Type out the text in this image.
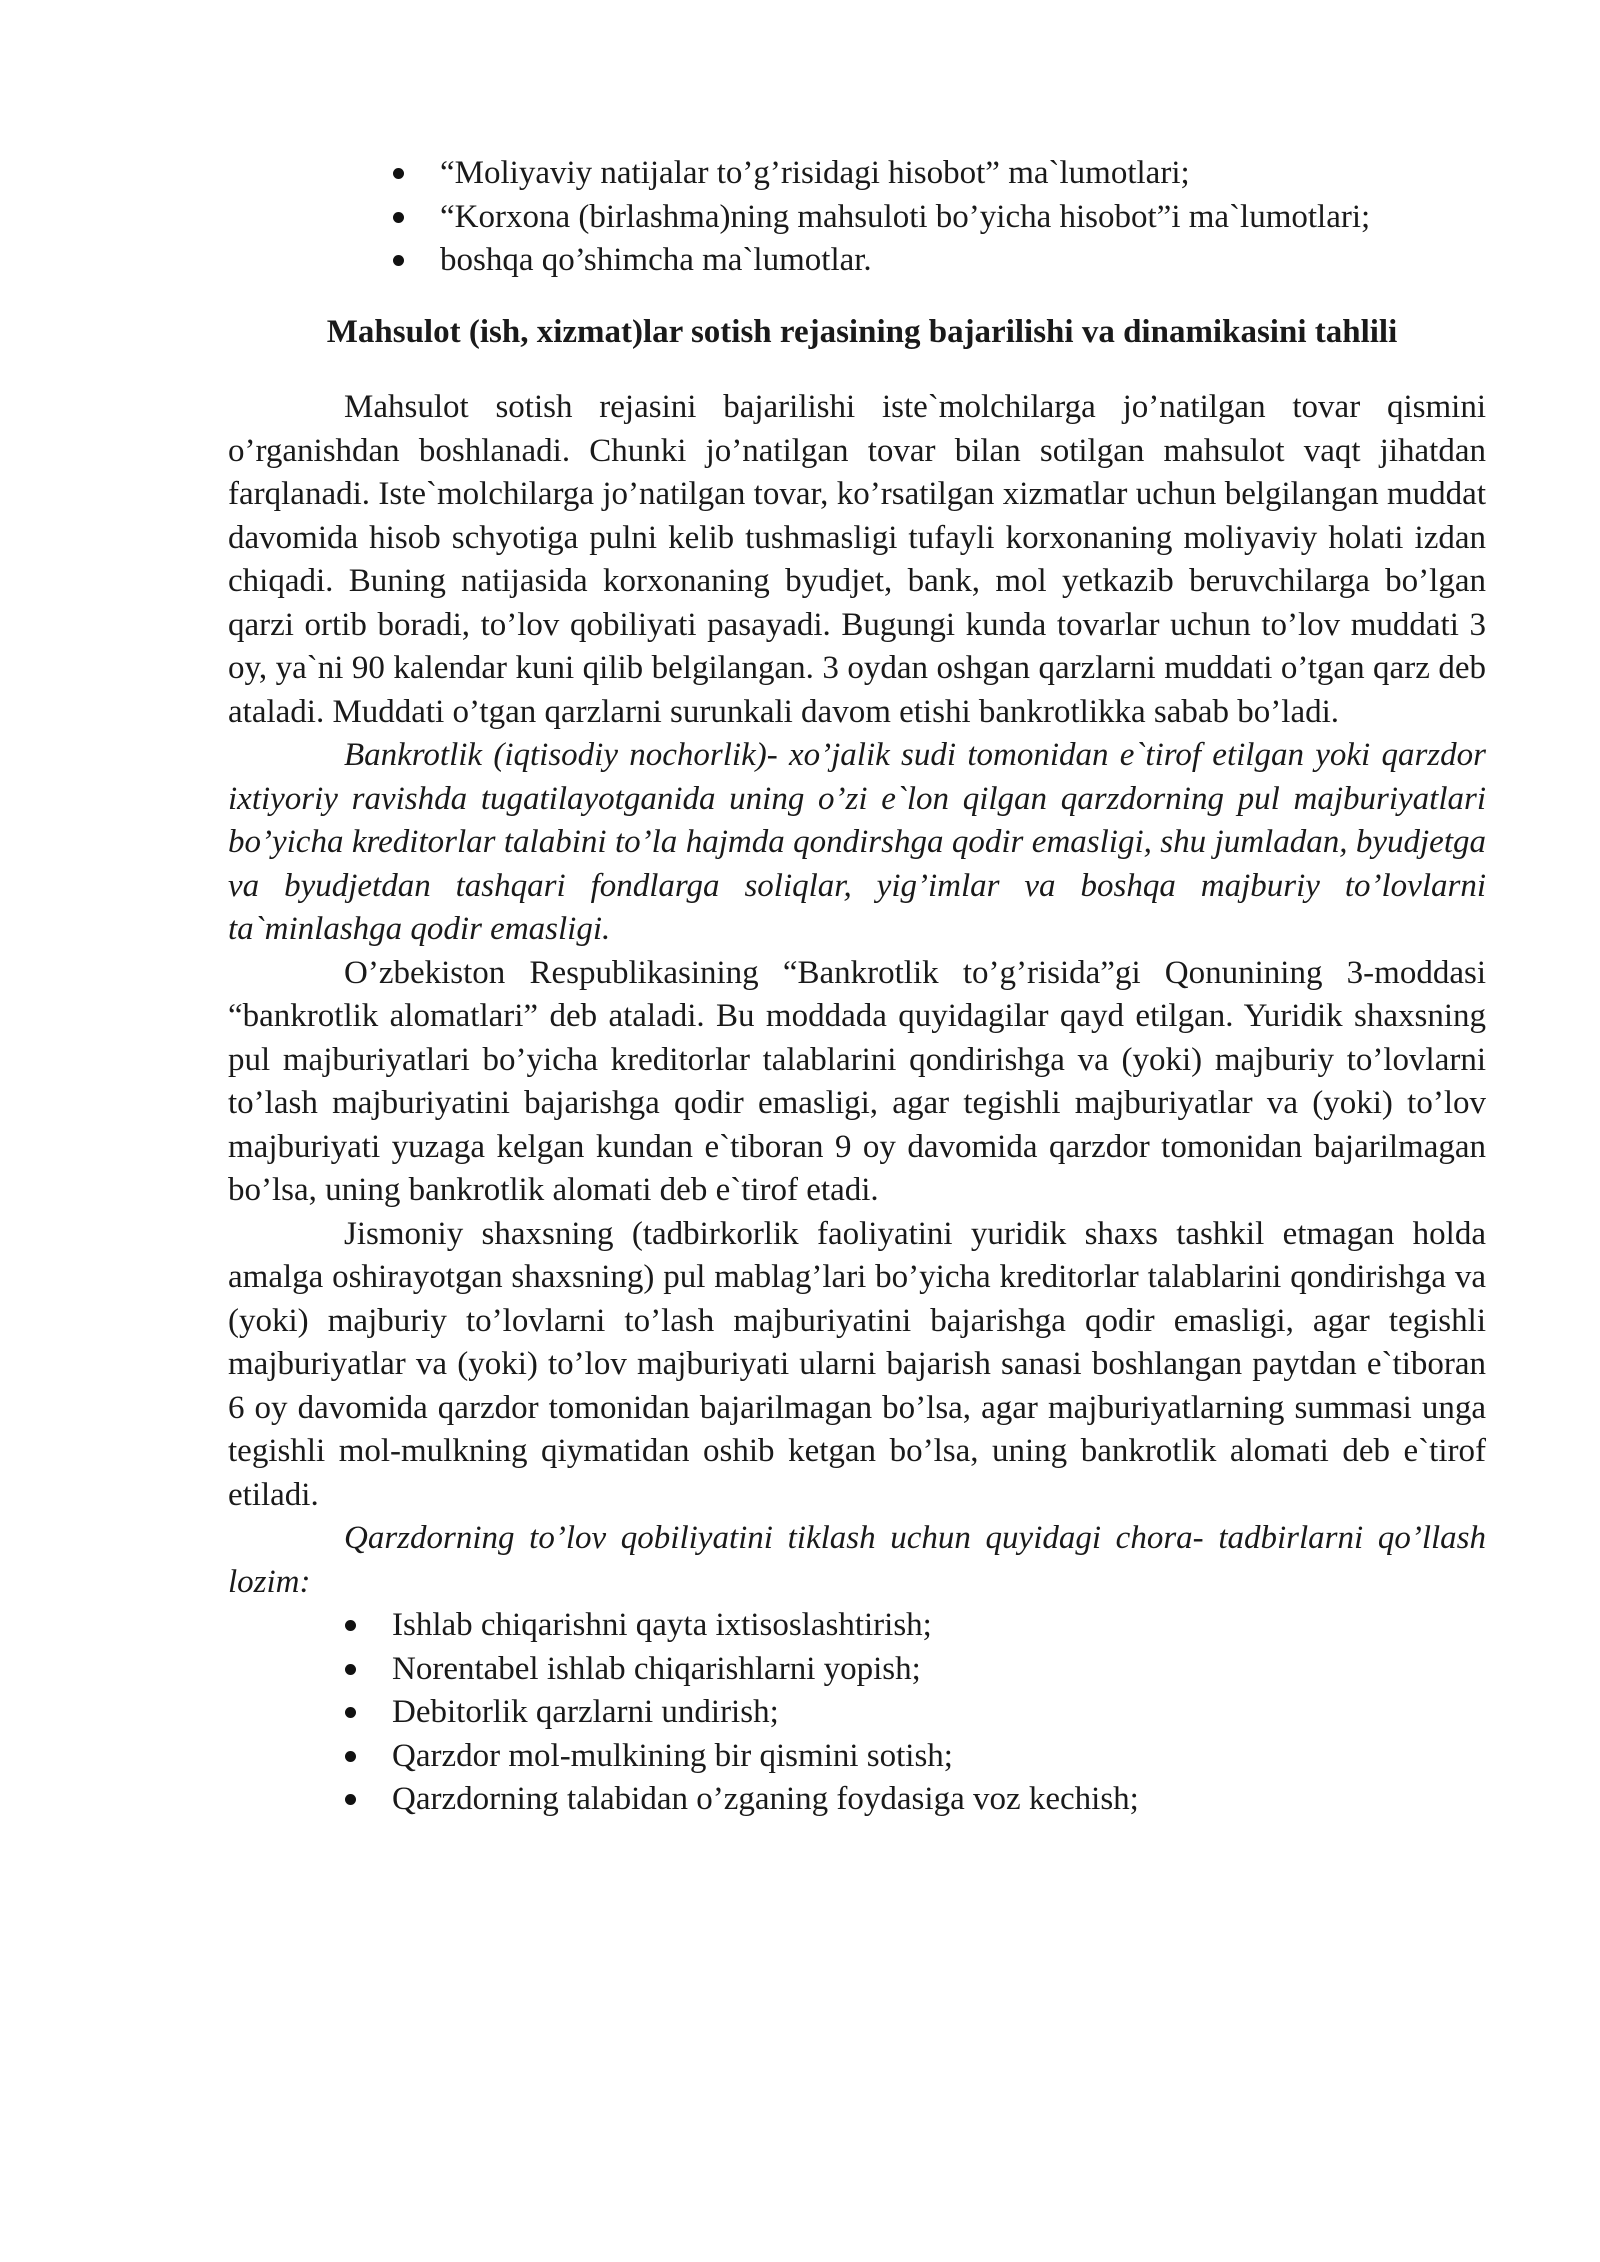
“Moliyaviy natijalar to’g’risidagi hisobot” ma`lumotlari;
“Korxona (birlashma)ning mahsuloti bo’yicha hisobot”i ma`lumotlari;
boshqa qo’shimcha ma`lumotlar.
Mahsulot (ish, xizmat)lar sotish rejasining bajarilishi va dinamikasini tahlili

Mahsulot sotish rejasini bajarilishi iste`molchilarga jo’natilgan tovar qismini o’rganishdan boshlanadi. Chunki jo’natilgan tovar bilan sotilgan mahsulot vaqt jihatdan farqlanadi. Iste`molchilarga jo’natilgan tovar, ko’rsatilgan xizmatlar uchun belgilangan muddat davomida hisob schyotiga pulni kelib tushmasligi tufayli korxonaning moliyaviy holati izdan chiqadi. Buning natijasida korxonaning byudjet, bank, mol yetkazib beruvchilarga bo’lgan qarzi ortib boradi, to’lov qobiliyati pasayadi. Bugungi kunda tovarlar uchun to’lov muddati 3 oy, ya`ni 90 kalendar kuni qilib belgilangan. 3 oydan oshgan qarzlarni muddati o’tgan qarz deb ataladi. Muddati o’tgan qarzlarni surunkali davom etishi bankrotlikka sabab bo’ladi.

Bankrotlik (iqtisodiy nochorlik)- xo’jalik sudi tomonidan e`tirof etilgan yoki qarzdor ixtiyoriy ravishda tugatilayotganida uning o’zi e`lon qilgan qarzdorning pul majburiyatlari bo’yicha kreditorlar talabini to’la hajmda qondirshga qodir emasligi, shu jumladan, byudjetga va byudjetdan tashqari fondlarga soliqlar, yig’imlar va boshqa majburiy to’lovlarni ta`minlashga qodir emasligi.

O’zbekiston Respublikasining “Bankrotlik to’g’risida”gi Qonunining 3-moddasi “bankrotlik alomatlari” deb ataladi. Bu moddada quyidagilar qayd etilgan. Yuridik shaxsning pul majburiyatlari bo’yicha kreditorlar talablarini qondirishga va (yoki) majburiy to’lovlarni to’lash majburiyatini bajarishga qodir emasligi, agar tegishli majburiyatlar va (yoki) to’lov majburiyati yuzaga kelgan kundan e`tiboran 9 oy davomida qarzdor tomonidan bajarilmagan bo’lsa, uning bankrotlik alomati deb e`tirof etadi.

Jismoniy shaxsning (tadbirkorlik faoliyatini yuridik shaxs tashkil etmagan holda amalga oshirayotgan shaxsning) pul mablag’lari bo’yicha kreditorlar talablarini qondirishga va (yoki) majburiy to’lovlarni to’lash majburiyatini bajarishga qodir emasligi, agar tegishli majburiyatlar va (yoki) to’lov majburiyati ularni bajarish sanasi boshlangan paytdan e`tiboran 6 oy davomida qarzdor tomonidan bajarilmagan bo’lsa, agar majburiyatlarning summasi unga tegishli mol-mulkning qiymatidan oshib ketgan bo’lsa, uning bankrotlik alomati deb e`tirof etiladi.

Qarzdorning to’lov qobiliyatini tiklash uchun quyidagi chora- tadbirlarni qo’llash lozim:

Ishlab chiqarishni qayta ixtisoslashtirish;
Norentabel ishlab chiqarishlarni yopish;
Debitorlik qarzlarni undirish;
Qarzdor mol-mulkining bir qismini sotish;
Qarzdorning talabidan o’zganing foydasiga voz kechish;
